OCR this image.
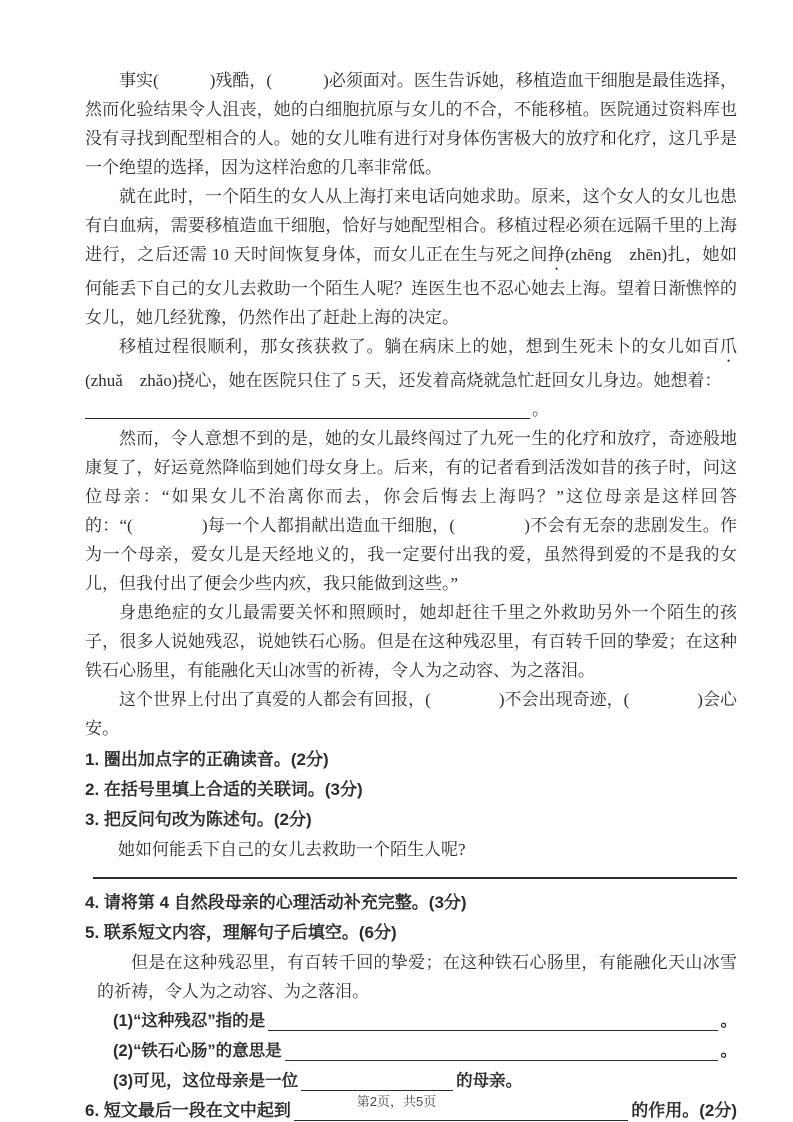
事实(　　　)残酷，(　　　)必须面对。医生告诉她，移植造血干细胞是最佳选择，然而化验结果令人沮丧，她的白细胞抗原与女儿的不合，不能移植。医院通过资料库也没有寻找到配型相合的人。她的女儿唯有进行对身体伤害极大的放疗和化疗，这几乎是一个绝望的选择，因为这样治愈的几率非常低。

就在此时，一个陌生的女人从上海打来电话向她求助。原来，这个女人的女儿也患有白血病，需要移植造血干细胞，恰好与她配型相合。移植过程必须在远隔千里的上海进行，之后还需 10 天时间恢复身体，而女儿正在生与死之间挣(zhēng　zhēn)扎，她如何能丢下自己的女儿去救助一个陌生人呢？连医生也不忍心她去上海。望着日渐憔悴的女儿，她几经犹豫，仍然作出了赶赴上海的决定。

移植过程很顺利，那女孩获救了。躺在病床上的她，想到生死未卜的女儿如百爪(zhuǎ　zhǎo)挠心，她在医院只住了 5 天，还发着高烧就急忙赶回女儿身边。她想着：

。

然而，令人意想不到的是，她的女儿最终闯过了九死一生的化疗和放疗，奇迹般地康复了，好运竟然降临到她们母女身上。后来，有的记者看到活泼如昔的孩子时，问这位母亲：“如果女儿不治离你而去，你会后悔去上海吗？”这位母亲是这样回答的：“(　　　　)每一个人都捐献出造血干细胞，(　　　　)不会有无奈的悲剧发生。作为一个母亲，爱女儿是天经地义的，我一定要付出我的爱，虽然得到爱的不是我的女儿，但我付出了便会少些内疚，我只能做到这些。”

身患绝症的女儿最需要关怀和照顾时，她却赶往千里之外救助另外一个陌生的孩子，很多人说她残忍，说她铁石心肠。但是在这种残忍里，有百转千回的挚爱；在这种铁石心肠里，有能融化天山冰雪的祈祷，令人为之动容、为之落泪。

这个世界上付出了真爱的人都会有回报，(　　　　)不会出现奇迹，(　　　　)会心安。

1. 圈出加点字的正确读音。(2分)
2. 在括号里填上合适的关联词。(3分)
3. 把反问句改为陈述句。(2分)
她如何能丢下自己的女儿去救助一个陌生人呢?
4. 请将第 4 自然段母亲的心理活动补充完整。(3分)
5. 联系短文内容，理解句子后填空。(6分)
但是在这种残忍里，有百转千回的挚爱；在这种铁石心肠里，有能融化天山冰雪的祈祷，令人为之动容、为之落泪。
(1)“这种残忍”指的是	。
(2)“铁石心肠”的意思是	。
(3)可见，这位母亲是一位	的母亲。
6. 短文最后一段在文中起到	的作用。(2分)
第2页，共5页
